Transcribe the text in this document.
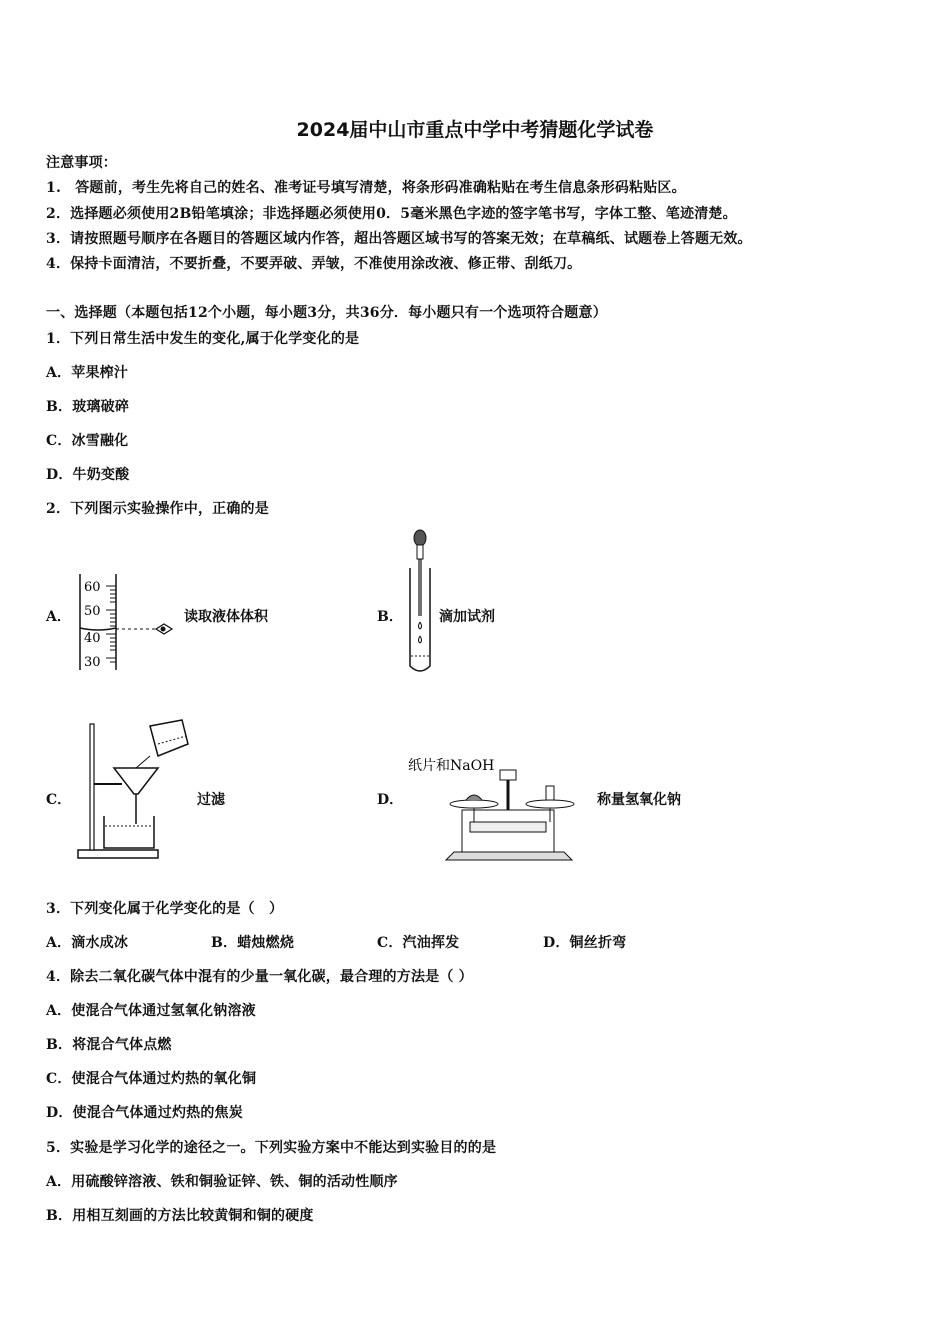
2024届中山市重点中学中考猜题化学试卷
注意事项：
1.　答题前，考生先将自己的姓名、准考证号填写清楚，将条形码准确粘贴在考生信息条形码粘贴区。
2．选择题必须使用2B铅笔填涂；非选择题必须使用0．5毫米黑色字迹的签字笔书写，字体工整、笔迹清楚。
3．请按照题号顺序在各题目的答题区域内作答，超出答题区域书写的答案无效；在草稿纸、试题卷上答题无效。
4．保持卡面清洁，不要折叠，不要弄破、弄皱，不准使用涂改液、修正带、刮纸刀。
一、选择题（本题包括12个小题，每小题3分，共36分．每小题只有一个选项符合题意）
1．下列日常生活中发生的变化,属于化学变化的是
A．苹果榨汁
B．玻璃破碎
C．冰雪融化
D．牛奶变酸
2．下列图示实验操作中，正确的是
A．	读取液体体积	B．	滴加试剂
C．	过滤	D．	称量氢氧化钠
60
50
40
30
纸片和NaOH
3．下列变化属于化学变化的是（　）
A．滴水成冰	B．蜡烛燃烧	C．汽油挥发	D．铜丝折弯
4．除去二氧化碳气体中混有的少量一氧化碳，最合理的方法是（ ）
A．使混合气体通过氢氧化钠溶液
B．将混合气体点燃
C．使混合气体通过灼热的氧化铜
D．使混合气体通过灼热的焦炭
5．实验是学习化学的途径之一。下列实验方案中不能达到实验目的的是
A．用硫酸锌溶液、铁和铜验证锌、铁、铜的活动性顺序
B．用相互刻画的方法比较黄铜和铜的硬度
